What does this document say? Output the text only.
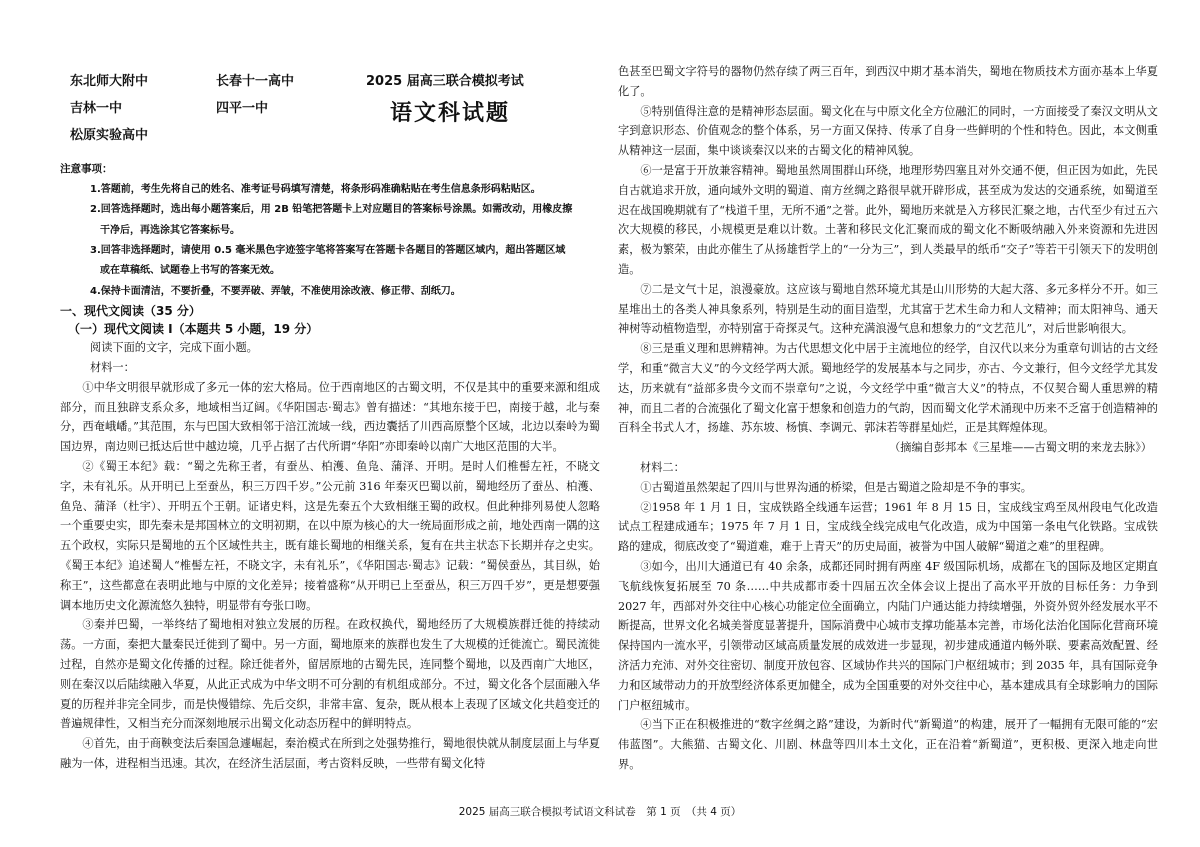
东北师大附中	长春十一高中
吉林一中	四平一中
松原实验高中
2025 届高三联合模拟考试
语文科试题
注意事项：
1.答题前，考生先将自己的姓名、准考证号码填写清楚，将条形码准确粘贴在考生信息条形码粘贴区。
2.回答选择题时，选出每小题答案后，用 2B 铅笔把答题卡上对应题目的答案标号涂黑。如需改动，用橡皮擦
干净后，再选涂其它答案标号。
3.回答非选择题时，请使用 0.5 毫米黑色字迹签字笔将答案写在答题卡各题目的答题区域内，超出答题区域
或在草稿纸、试题卷上书写的答案无效。
4.保持卡面清洁，不要折叠，不要弄破、弄皱，不准使用涂改液、修正带、刮纸刀。
一、现代文阅读（35 分）
（一）现代文阅读 I（本题共 5 小题，19 分）
阅读下面的文字，完成下面小题。
材料一：

①中华文明很早就形成了多元一体的宏大格局。位于西南地区的古蜀文明，不仅是其中的重要来源和组成部分，而且独辟支系众多，地域相当辽阔。《华阳国志·蜀志》曾有描述：“其地东接于巴，南接于越，北与秦分，西奄峨嶓。”其范围，东与巴国大致相邻于涪江流域一线，西边囊括了川西高原整个区域，北边以秦岭为蜀国边界，南边则已抵达后世中越边境，几乎占据了古代所谓“华阳”亦即秦岭以南广大地区范围的大半。

②《蜀王本纪》载：“蜀之先称王者，有蚕丛、柏濩、鱼凫、蒲泽、开明。是时人们椎髻左衽，不晓文字，未有礼乐。从开明已上至蚕丛，积三万四千岁。”公元前 316 年秦灭巴蜀以前，蜀地经历了蚕丛、柏濩、鱼凫、蒲泽（杜宇）、开明五个王朝。证诸史料，这是先秦五个大致相继王蜀的政权。但此种排列易使人忽略一个重要史实，即先秦未是邦国林立的文明初期，在以中原为核心的大一统局面形成之前，地处西南一隅的这五个政权，实际只是蜀地的五个区域性共主，既有雄长蜀地的相继关系，复有在共主状态下长期并存之史实。《蜀王本纪》追述蜀人“椎髻左衽，不晓文字，未有礼乐”，《华阳国志·蜀志》记载：“蜀侯蚕丛，其目纵，始称王”，这些都意在表明此地与中原的文化差异；接着盛称“从开明已上至蚕丛，积三万四千岁”，更是想要强调本地历史文化源流悠久独特，明显带有夸张口吻。

③秦并巴蜀，一举终结了蜀地相对独立发展的历程。在政权换代，蜀地经历了大规模族群迁徙的持续动荡。一方面，秦把大量秦民迁徙到了蜀中。另一方面，蜀地原来的族群也发生了大规模的迁徙流亡。蜀民流徙过程，自然亦是蜀文化传播的过程。除迁徙者外，留居原地的古蜀先民，连同整个蜀地，以及西南广大地区，则在秦汉以后陆续融入华夏，从此正式成为中华文明不可分割的有机组成部分。不过，蜀文化各个层面融入华夏的历程并非完全同步，而是快慢错综、先后交织，非常丰富、复杂，既从根本上表现了区域文化共趋变迁的普遍规律性，又相当充分而深刻地展示出蜀文化动态历程中的鲜明特点。

④首先，由于商鞅变法后秦国急遽崛起，秦治模式在所到之处强势推行，蜀地很快就从制度层面上与华夏融为一体，进程相当迅速。其次，在经济生活层面，考古资料反映，一些带有蜀文化特

色甚至巴蜀文字符号的器物仍然存续了两三百年，到西汉中期才基本消失，蜀地在物质技术方面亦基本上华夏化了。

⑤特别值得注意的是精神形态层面。蜀文化在与中原文化全方位融汇的同时，一方面接受了秦汉文明从文字到意识形态、价值观念的整个体系，另一方面又保持、传承了自身一些鲜明的个性和特色。因此，本文侧重从精神这一层面，集中谈谈秦汉以来的古蜀文化的精神风貌。

⑥一是富于开放兼容精神。蜀地虽然周围群山环绕，地理形势四塞且对外交通不便，但正因为如此，先民自古就追求开放，通向域外文明的蜀道、南方丝绸之路很早就开辟形成，甚至成为发达的交通系统，如蜀道至迟在战国晚期就有了“栈道千里，无所不通”之誉。此外，蜀地历来就是入方移民汇聚之地，古代至少有过五六次大规模的移民，小规模更是难以计数。土著和移民文化汇聚而成的蜀文化不断吸纳融入外来资源和先进因素，极为繁荣，由此亦催生了从扬雄哲学上的“一分为三”，到人类最早的纸币“交子”等若干引领天下的发明创造。

⑦二是文气十足，浪漫豪放。这应该与蜀地自然环境尤其是山川形势的大起大落、多元多样分不开。如三星堆出土的各类人神具象系列，特别是生动的面目造型，尤其富于艺术生命力和人文精神；而太阳神鸟、通天神树等动植物造型，亦特别富于奇探灵气。这种充满浪漫气息和想象力的“文艺范儿”，对后世影响很大。

⑧三是重义理和思辨精神。为古代思想文化中居于主流地位的经学，自汉代以来分为重章句训诂的古文经学，和重“微言大义”的今文经学两大派。蜀地经学的发展基本与之同步，亦古、今文兼行，但今文经学尤其发达，历来就有“益部多贵今文而不崇章句”之说，今文经学中重“微言大义”的特点，不仅契合蜀人重思辨的精神，而且二者的合流强化了蜀文化富于想象和创造力的气韵，因而蜀文化学术涌现中历来不乏富于创造精神的百科全书式人才，扬雄、苏东坡、杨慎、李调元、郭沫若等群星灿烂，正是其辉煌体现。

（摘编自彭邦本《三星堆——古蜀文明的来龙去脉》）
材料二：

①古蜀道虽然架起了四川与世界沟通的桥梁，但是古蜀道之险却是不争的事实。

②1958 年 1 月 1 日，宝成铁路全线通车运营；1961 年 8 月 15 日，宝成线宝鸡至凤州段电气化改造试点工程建成通车；1975 年 7 月 1 日，宝成线全线完成电气化改造，成为中国第一条电气化铁路。宝成铁路的建成，彻底改变了“蜀道难，难于上青天”的历史局面，被誉为中国人破解“蜀道之难”的里程碑。

③如今，出川大通道已有 40 余条，成都还同时拥有两座 4F 级国际机场，成都在飞的国际及地区定期直飞航线恢复拓展至 70 条……中共成都市委十四届五次全体会议上提出了高水平开放的目标任务：力争到 2027 年，西部对外交往中心核心功能定位全面确立，内陆门户通达能力持续增强，外资外贸外经发展水平不断提高，世界文化名城美誉度显著提升，国际消费中心城市支撑功能基本完善，市场化法治化国际化营商环境保持国内一流水平，引领带动区域高质量发展的成效进一步显现，初步建成通道内畅外联、要素高效配置、经济活力充沛、对外交往密切、制度开放包容、区域协作共兴的国际门户枢纽城市；到 2035 年，具有国际竞争力和区域带动力的开放型经济体系更加健全，成为全国重要的对外交往中心，基本建成具有全球影响力的国际门户枢纽城市。

④当下正在积极推进的“数字丝绸之路”建设，为新时代“新蜀道”的构建，展开了一幅拥有无限可能的“宏伟蓝图”。大熊猫、古蜀文化、川剧、林盘等四川本土文化，正在沿着“新蜀道”，更积极、更深入地走向世界。

2025 届高三联合模拟考试语文科试卷　第 1 页　（共 4 页）
